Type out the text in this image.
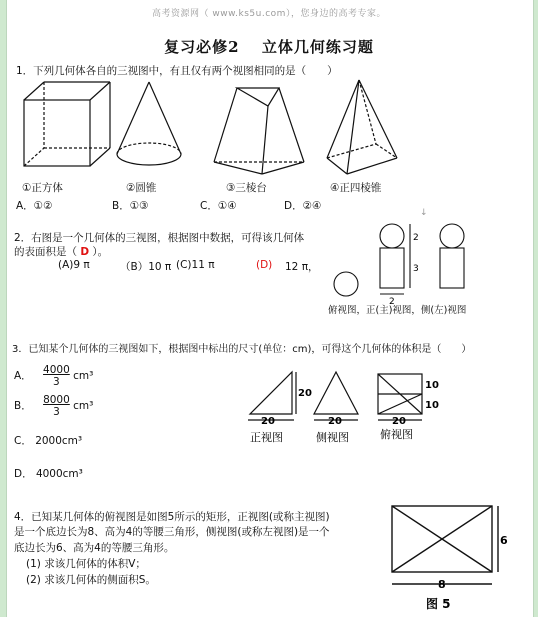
高考资源网（ www.ks5u.com），您身边的高考专家。
复习必修2　 立体几何练习题
1．下列几何体各自的三视图中，有且仅有两个视图相同的是（　　）
①正方体	②圆锥	③三棱台	④正四棱锥
A．①②	B．①③	C．①④	D．②④
↓
2．右图是一个几何体的三视图，根据图中数据，可得该几何体
的表面积是（ D ）。
(A)9 π	（B）10 π (C)11 π	(D) 12 π，
2
3
2
俯视图，正(主)视图，侧(左)视图
3．已知某个几何体的三视图如下，根据图中标出的尺寸(单位：cm)，可得这个几何体的体积是（　　）
A． $\frac{4000}{3} cm^3$
B． $\frac{8000}{3} cm^3$
C． 2000cm³
D． 4000cm³
20
20
20	20
10
10
正视图	侧视图	俯视图
4．已知某几何体的俯视图是如图5所示的矩形，正视图(或称主视图)
是一个底边长为8、高为4的等腰三角形，侧视图(或称左视图)是一个
底边长为6、高为4的等腰三角形。
(1) 求该几何体的体积V；
(2) 求该几何体的侧面积S。
6
8
图 5
